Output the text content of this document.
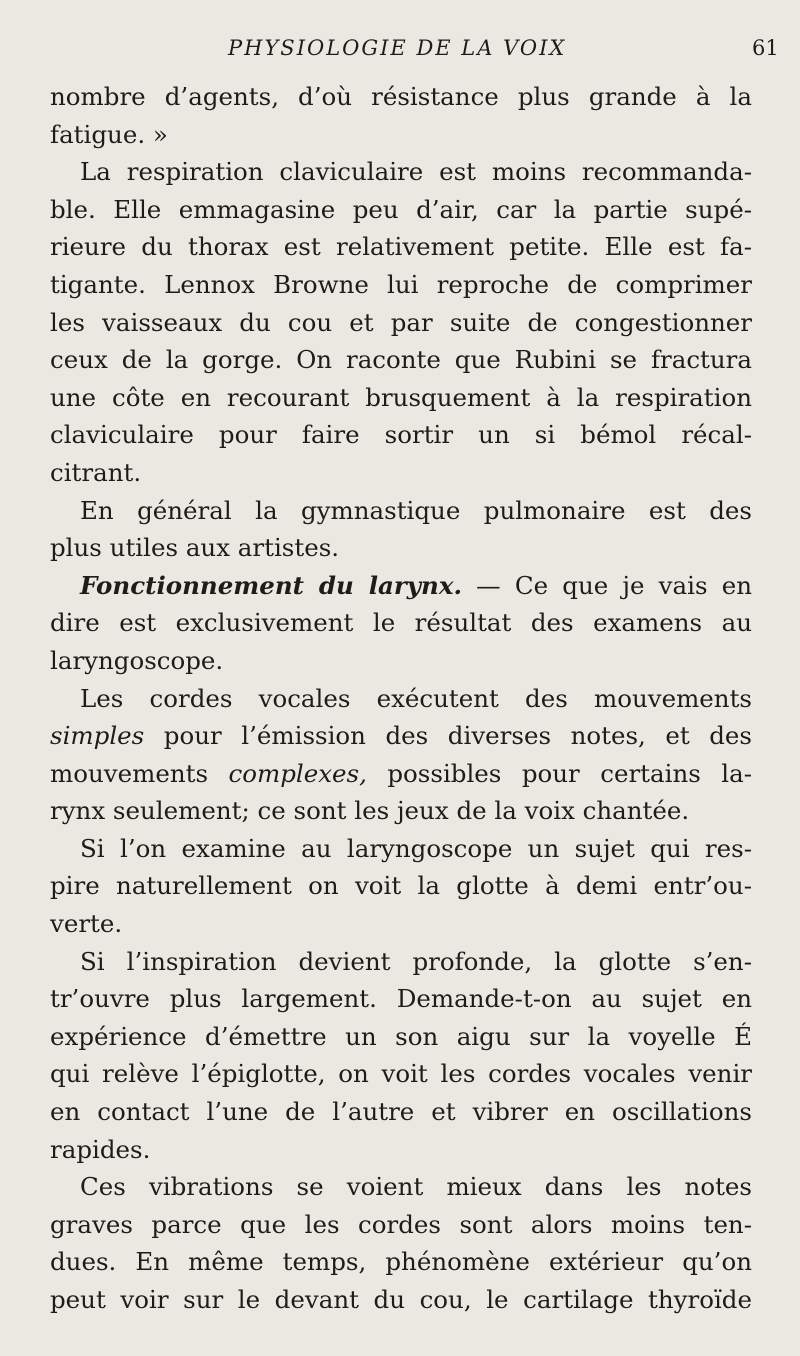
PHYSIOLOGIE DE LA VOIX	61
nombre d’agents, d’où résistance plus grande à la
fatigue. »
La respiration claviculaire est moins recommanda-
ble. Elle emmagasine peu d’air, car la partie supé-
rieure du thorax est relativement petite. Elle est fa-
tigante. Lennox Browne lui reproche de comprimer
les vaisseaux du cou et par suite de congestionner
ceux de la gorge. On raconte que Rubini se fractura
une côte en recourant brusquement à la respiration
claviculaire pour faire sortir un si bémol récal-
citrant.
En général la gymnastique pulmonaire est des
plus utiles aux artistes.
Fonctionnement du larynx. — Ce que je vais en
dire est exclusivement le résultat des examens au
laryngoscope.
Les cordes vocales exécutent des mouvements
simples pour l’émission des diverses notes, et des
mouvements complexes, possibles pour certains la-
rynx seulement; ce sont les jeux de la voix chantée.
Si l’on examine au laryngoscope un sujet qui res-
pire naturellement on voit la glotte à demi entr’ou-
verte.
Si l’inspiration devient profonde, la glotte s’en-
tr’ouvre plus largement. Demande-t-on au sujet en
expérience d’émettre un son aigu sur la voyelle É
qui relève l’épiglotte, on voit les cordes vocales venir
en contact l’une de l’autre et vibrer en oscillations
rapides.
Ces vibrations se voient mieux dans les notes
graves parce que les cordes sont alors moins ten-
dues. En même temps, phénomène extérieur qu’on
peut voir sur le devant du cou, le cartilage thyroïde
